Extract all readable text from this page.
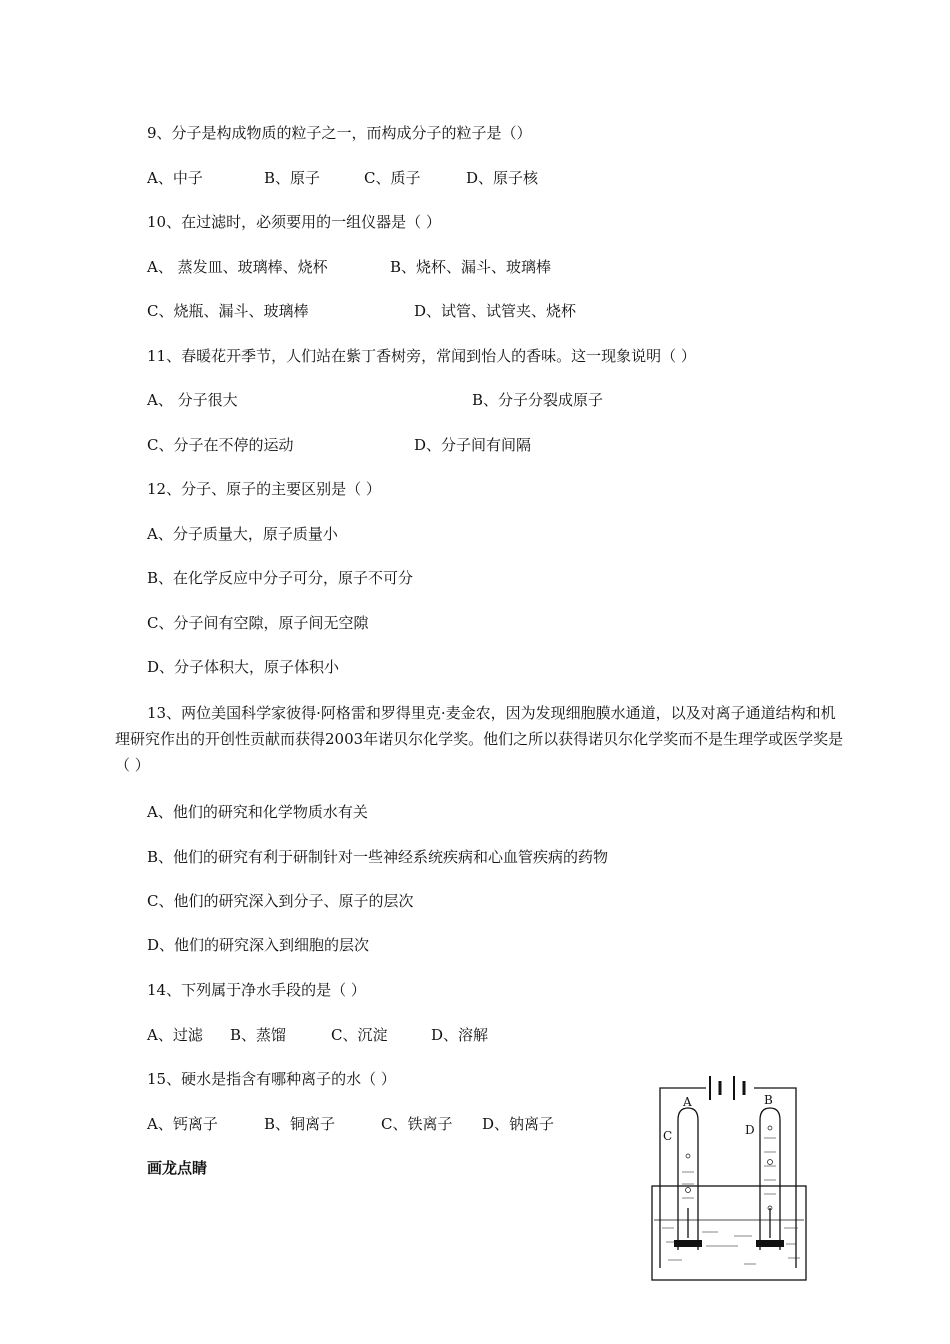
9、分子是构成物质的粒子之一，而构成分子的粒子是（）
A、中子	B、原子	C、质子	D、原子核
10、在过滤时，必须要用的一组仪器是（ ）
A、 蒸发皿、玻璃棒、烧杯	B、烧杯、漏斗、玻璃棒
C、烧瓶、漏斗、玻璃棒	D、试管、试管夹、烧杯
11、春暖花开季节，人们站在紫丁香树旁，常闻到怡人的香味。这一现象说明（ ）
A、 分子很大	B、分子分裂成原子
C、分子在不停的运动	D、分子间有间隔
12、分子、原子的主要区别是（ ）
A、分子质量大，原子质量小
B、在化学反应中分子可分，原子不可分
C、分子间有空隙，原子间无空隙
D、分子体积大，原子体积小
13、两位美国科学家彼得·阿格雷和罗得里克·麦金农，因为发现细胞膜水通道，以及对离子通道结构和机理研究作出的开创性贡献而获得2003年诺贝尔化学奖。他们之所以获得诺贝尔化学奖而不是生理学或医学奖是 （ ）
A、他们的研究和化学物质水有关
B、他们的研究有利于研制针对一些神经系统疾病和心血管疾病的药物
C、他们的研究深入到分子、原子的层次
D、他们的研究深入到细胞的层次
14、下列属于净水手段的是（ ）
A、过滤 B、蒸馏	C、沉淀	D、溶解
15、硬水是指含有哪种离子的水（ ）
A、钙离子	B、铜离子	C、铁离子 D、钠离子
画龙点睛
A	B
C	D
